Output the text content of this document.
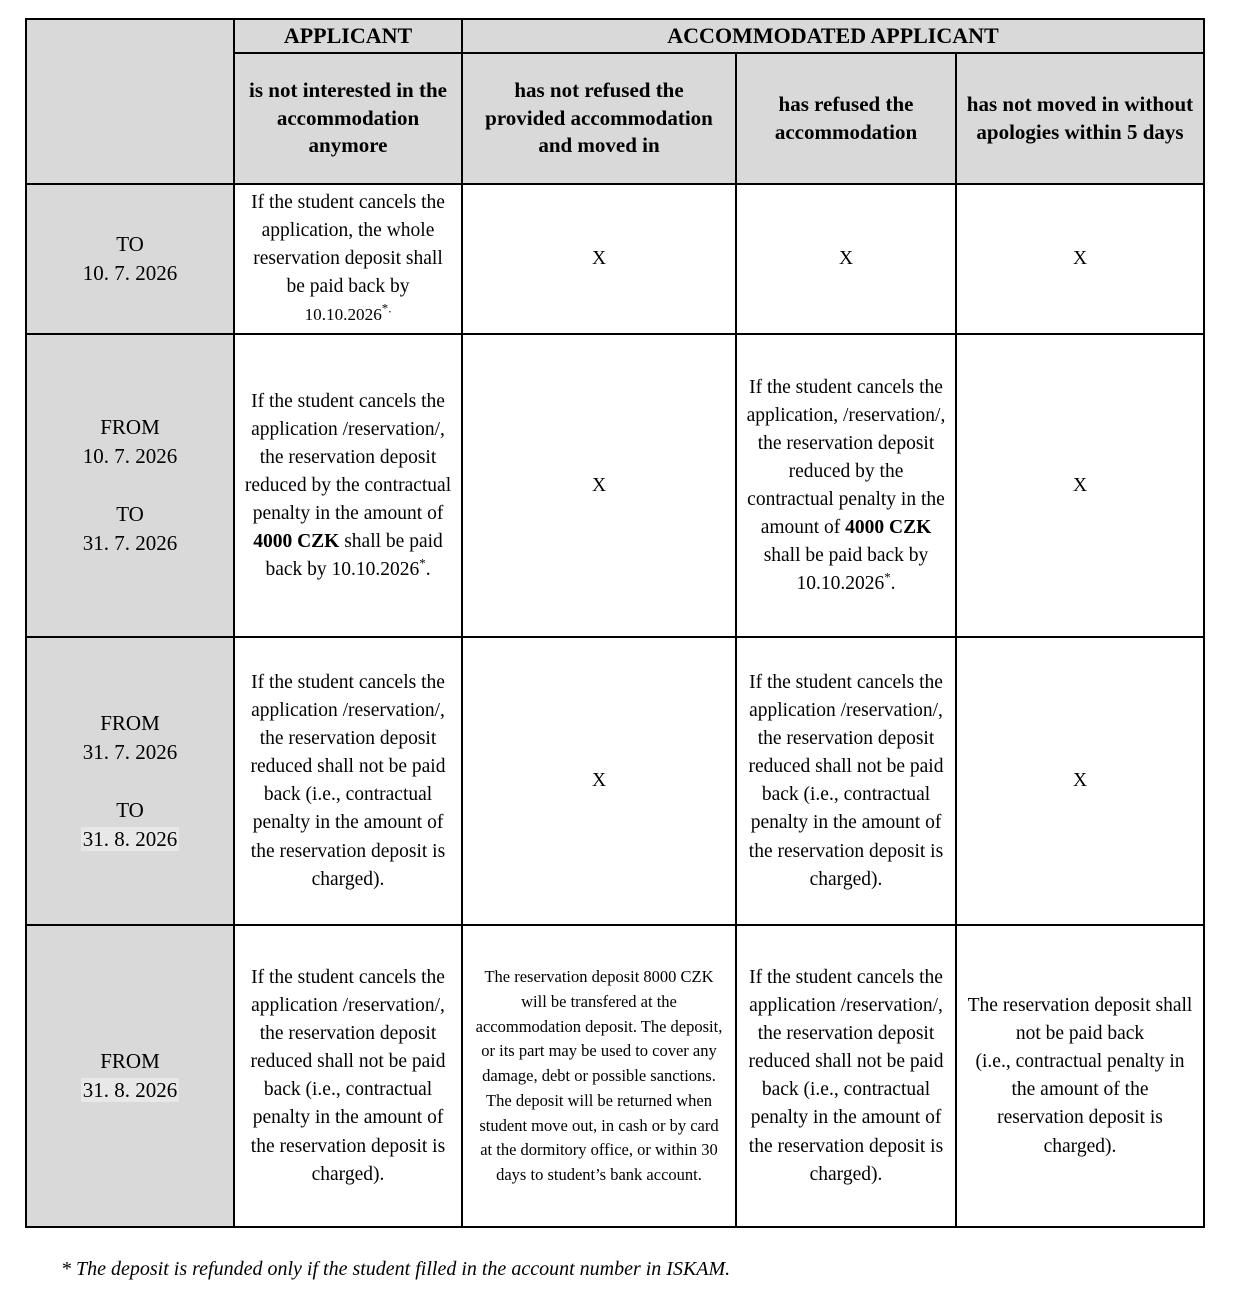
	APPLICANT	ACCOMMODATED APPLICANT		
	is not interested in the accommodation anymore	has not refused the provided accommodation and moved in	has refused the accommodation	has not moved in without apologies within 5 days
TO
10. 7. 2026	If the student cancels the application, the whole reservation deposit shall be paid back by 10.10.2026*.	X	X	X
FROM
10. 7. 2026

TO
31. 7. 2026	If the student cancels the application /reservation/, the reservation deposit reduced by the contractual penalty in the amount of 4000 CZK shall be paid back by 10.10.2026*.	X	If the student cancels the application, /reservation/, the reservation deposit reduced by the contractual penalty in the amount of 4000 CZK shall be paid back by 10.10.2026*.	X
FROM
31. 7. 2026

TO
31. 8. 2026	If the student cancels the application /reservation/, the reservation deposit reduced shall not be paid back (i.e., contractual penalty in the amount of the reservation deposit is charged).	X	If the student cancels the application /reservation/, the reservation deposit reduced shall not be paid back (i.e., contractual penalty in the amount of the reservation deposit is charged).	X
FROM
31. 8. 2026	If the student cancels the application /reservation/, the reservation deposit reduced shall not be paid back (i.e., contractual penalty in the amount of the reservation deposit is charged).	The reservation deposit 8000 CZK will be transfered at the accommodation deposit. The deposit, or its part may be used to cover any damage, debt or possible sanctions. The deposit will be returned when student move out, in cash or by card at the dormitory office, or within 30 days to student’s bank account.	If the student cancels the application /reservation/, the reservation deposit reduced shall not be paid back (i.e., contractual penalty in the amount of the reservation deposit is charged).	The reservation deposit shall not be paid back
(i.e., contractual penalty in the amount of the reservation deposit is charged).

* The deposit is refunded only if the student filled in the account number in ISKAM.
